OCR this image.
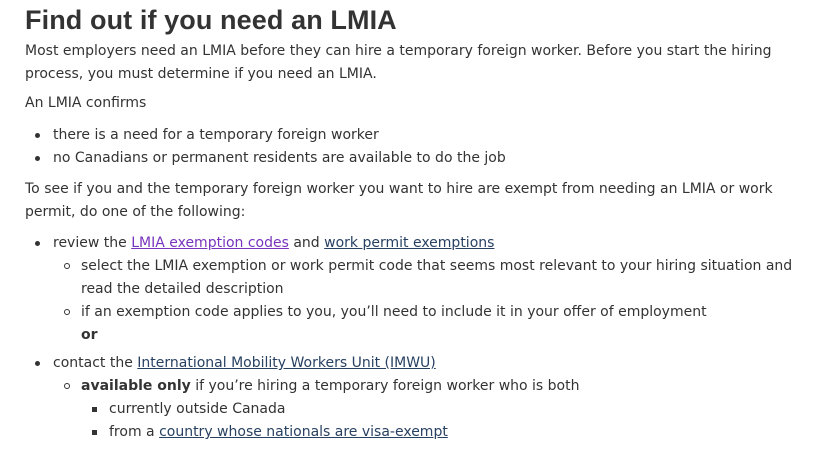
Find out if you need an LMIA

Most employers need an LMIA before they can hire a temporary foreign worker. Before you start the hiring process, you must determine if you need an LMIA.

An LMIA confirms

there is a need for a temporary foreign worker
no Canadians or permanent residents are available to do the job

To see if you and the temporary foreign worker you want to hire are exempt from needing an LMIA or work permit, do one of the following:

review the LMIA exemption codes and work permit exemptions
select the LMIA exemption or work permit code that seems most relevant to your hiring situation and read the detailed description
if an exemption code applies to you, you’ll need to include it in your offer of employment
or
contact the International Mobility Workers Unit (IMWU)
available only if you’re hiring a temporary foreign worker who is both
currently outside Canada
from a country whose nationals are visa-exempt
